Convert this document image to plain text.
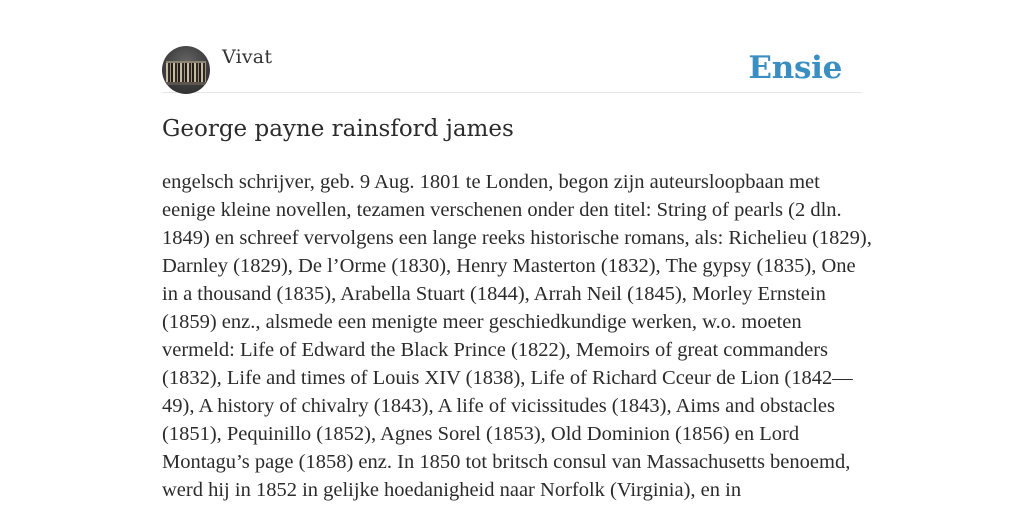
Vivat	Ensie
George payne rainsford james

engelsch schrijver, geb. 9 Aug. 1801 te Londen, begon zijn auteursloopbaan met eenige kleine novellen, tezamen verschenen onder den titel: String of pearls (2 dln. 1849) en schreef vervolgens een lange reeks historische romans, als: Richelieu (1829), Darnley (1829), De l’Orme (1830), Henry Masterton (1832), The gypsy (1835), One in a thousand (1835), Arabella Stuart (1844), Arrah Neil (1845), Morley Ernstein (1859) enz., alsmede een menigte meer geschiedkundige werken, w.o. moeten vermeld: Life of Edward the Black Prince (1822), Memoirs of great commanders (1832), Life and times of Louis XIV (1838), Life of Richard Cceur de Lion (1842—49), A history of chivalry (1843), A life of vicissitudes (1843), Aims and obstacles (1851), Pequinillo (1852), Agnes Sorel (1853), Old Dominion (1856) en Lord Montagu’s page (1858) enz. In 1850 tot britsch consul van Massachusetts benoemd, werd hij in 1852 in gelijke hoedanigheid naar Norfolk (Virginia), en in
